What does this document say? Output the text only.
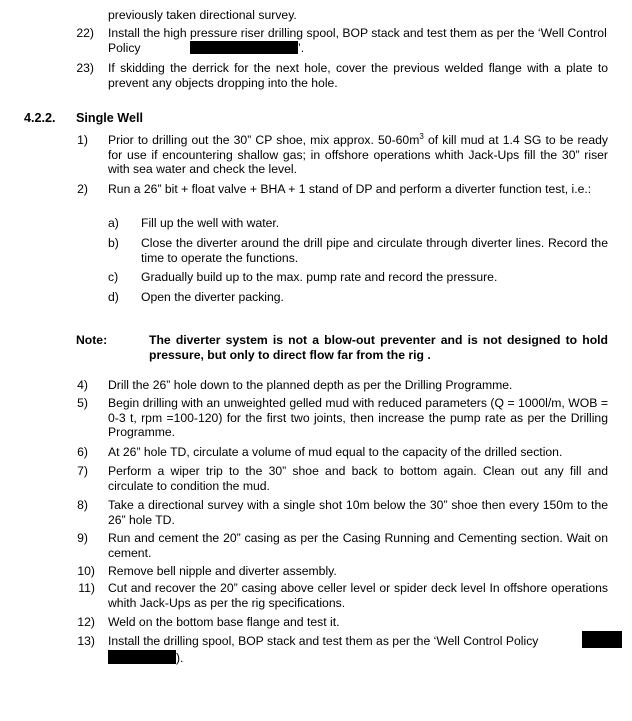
previously taken directional survey.
22) Install the high pressure riser drilling spool, BOP stack and test them as per the ‘Well Control Policy	’.
23) If skidding the derrick for the next hole, cover the previous welded flange with a plate to prevent any objects dropping into the hole.
4.2.2. Single Well
1) Prior to drilling out the 30” CP shoe, mix approx. $50-60m^3$ of kill mud at 1.4 SG to be ready for use if encountering shallow gas; in offshore operations whith Jack-Ups fill the 30” riser with sea water and check the level.
2) Run a 26” bit + float valve + BHA + 1 stand of DP and perform a diverter function test, i.e.:
a) Fill up the well with water.
b) Close the diverter around the drill pipe and circulate through diverter lines. Record the time to operate the functions.
c) Gradually build up to the max. pump rate and record the pressure.
d) Open the diverter packing.
Note:	The diverter system is not a blow-out preventer and is not designed to hold pressure, but only to direct flow far from the rig .
4) Drill the 26” hole down to the planned depth as per the Drilling Programme.
5) Begin drilling with an unweighted gelled mud with reduced parameters (Q = 1000l/m, WOB = 0-3 t, rpm =100-120) for the first two joints, then increase the pump rate as per the Drilling Programme.
6) At 26” hole TD, circulate a volume of mud equal to the capacity of the drilled section.
7) Perform a wiper trip to the 30” shoe and back to bottom again. Clean out any fill and circulate to condition the mud.
8) Take a directional survey with a single shot 10m below the 30” shoe then every 150m to the 26” hole TD.
9) Run and cement the 20” casing as per the Casing Running and Cementing section. Wait on cement.
10) Remove bell nipple and diverter assembly.
11) Cut and recover the 20” casing above celler level or spider deck level In offshore operations whith Jack-Ups as per the rig specifications.
12) Weld on the bottom base flange and test it.
13) Install the drilling spool, BOP stack and test them as per the ‘Well Control Policy
).
